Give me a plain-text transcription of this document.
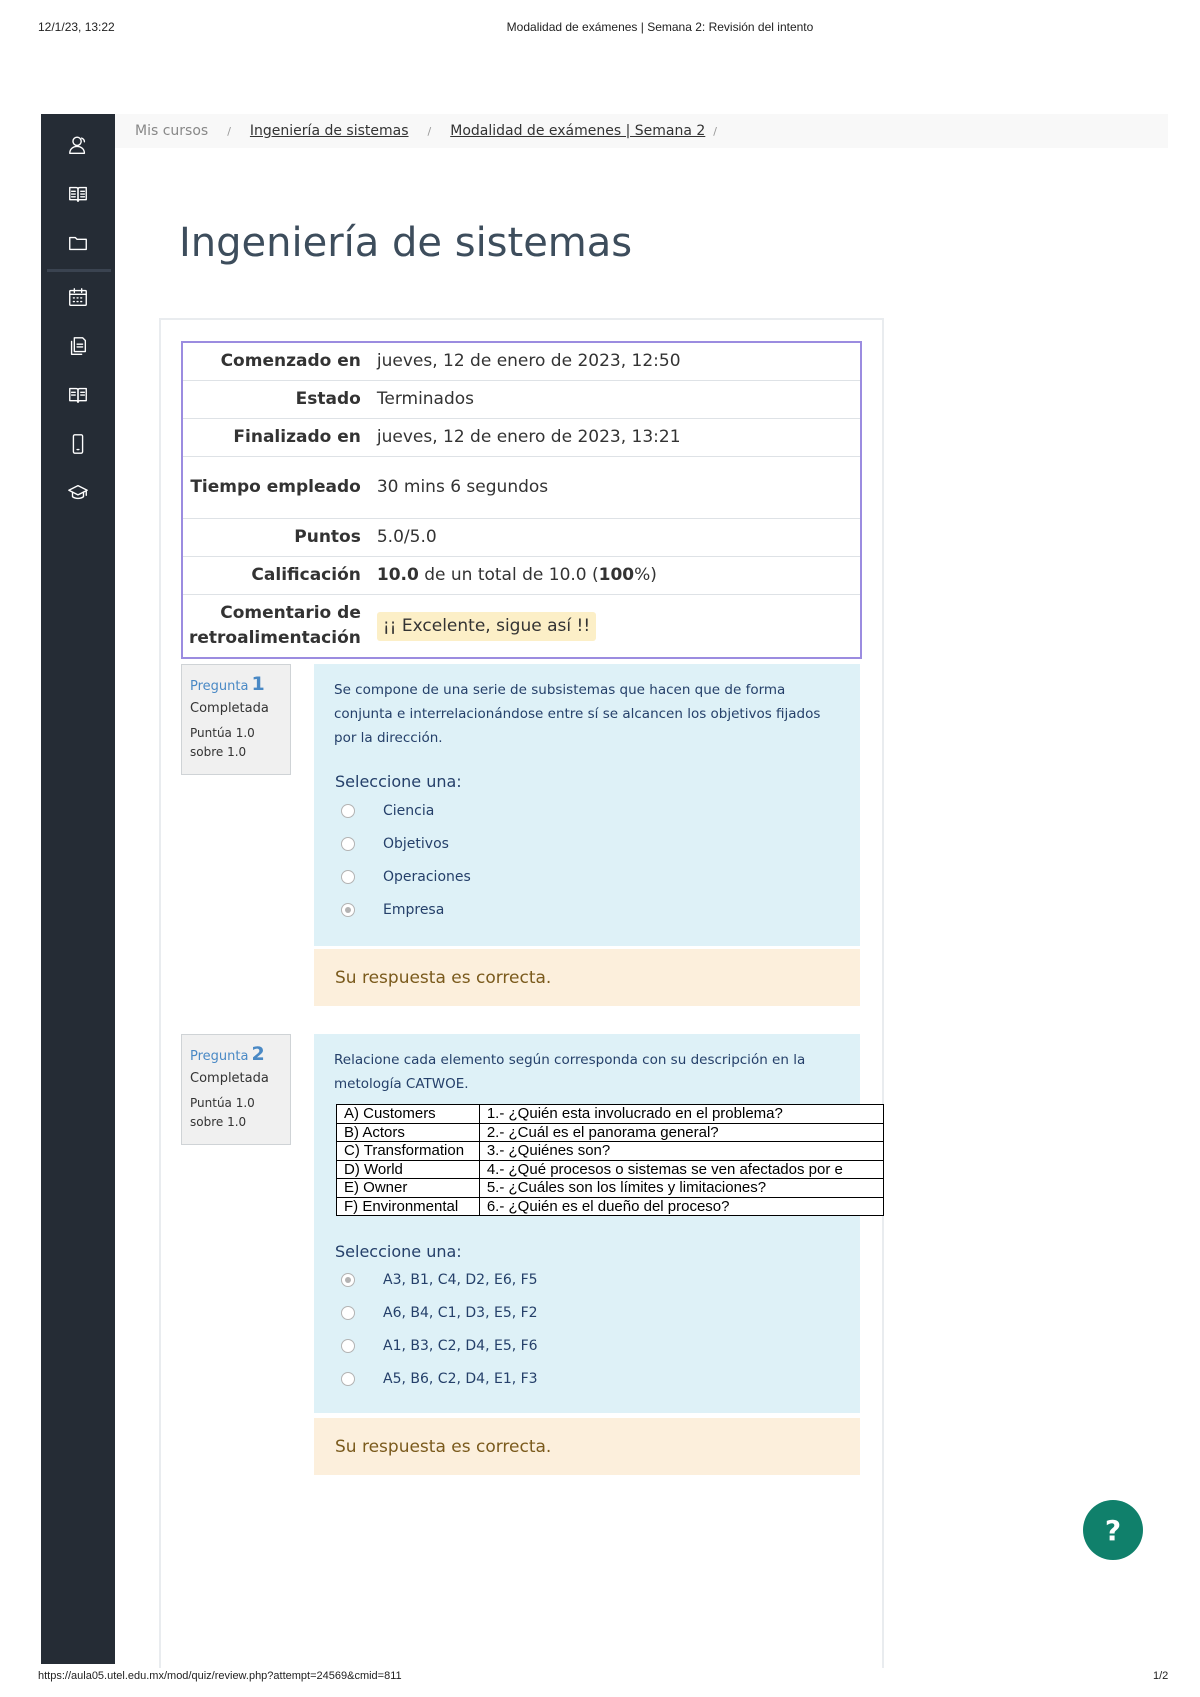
12/1/23, 13:22	Modalidad de exámenes | Semana 2: Revisión del intento
Mis cursos / Ingeniería de sistemas / Modalidad de exámenes | Semana 2 /
Ingeniería de sistemas
Comenzado en	jueves, 12 de enero de 2023, 12:50
Estado	Terminados
Finalizado en	jueves, 12 de enero de 2023, 13:21
Tiempo empleado	30 mins 6 segundos
Puntos	5.0/5.0
Calificación	10.0 de un total de 10.0 (100%)
Comentario de retroalimentación	¡¡ Excelente, sigue así !!
Pregunta 1
Completada
Puntúa 1.0
sobre 1.0
Se compone de una serie de subsistemas que hacen que de forma conjunta e interrelacionándose entre sí se alcancen los objetivos fijados por la dirección.
Seleccione una:
Ciencia
Objetivos
Operaciones
Empresa
Su respuesta es correcta.
Pregunta 2
Completada
Puntúa 1.0
sobre 1.0
Relacione cada elemento según corresponda con su descripción en la metología CATWOE.
A) Customers	1.- ¿Quién esta involucrado en el problema?
B) Actors	2.- ¿Cuál es el panorama general?
C) Transformation	3.- ¿Quiénes son?
D) World	4.- ¿Qué procesos o sistemas se ven afectados por e
E) Owner	5.- ¿Cuáles son los límites y limitaciones?
F) Environmental	6.- ¿Quién es el dueño del proceso?
Seleccione una:
A3, B1, C4, D2, E6, F5
A6, B4, C1, D3, E5, F2
A1, B3, C2, D4, E5, F6
A5, B6, C2, D4, E1, F3
Su respuesta es correcta.
?
https://aula05.utel.edu.mx/mod/quiz/review.php?attempt=24569&cmid=811	1/2
